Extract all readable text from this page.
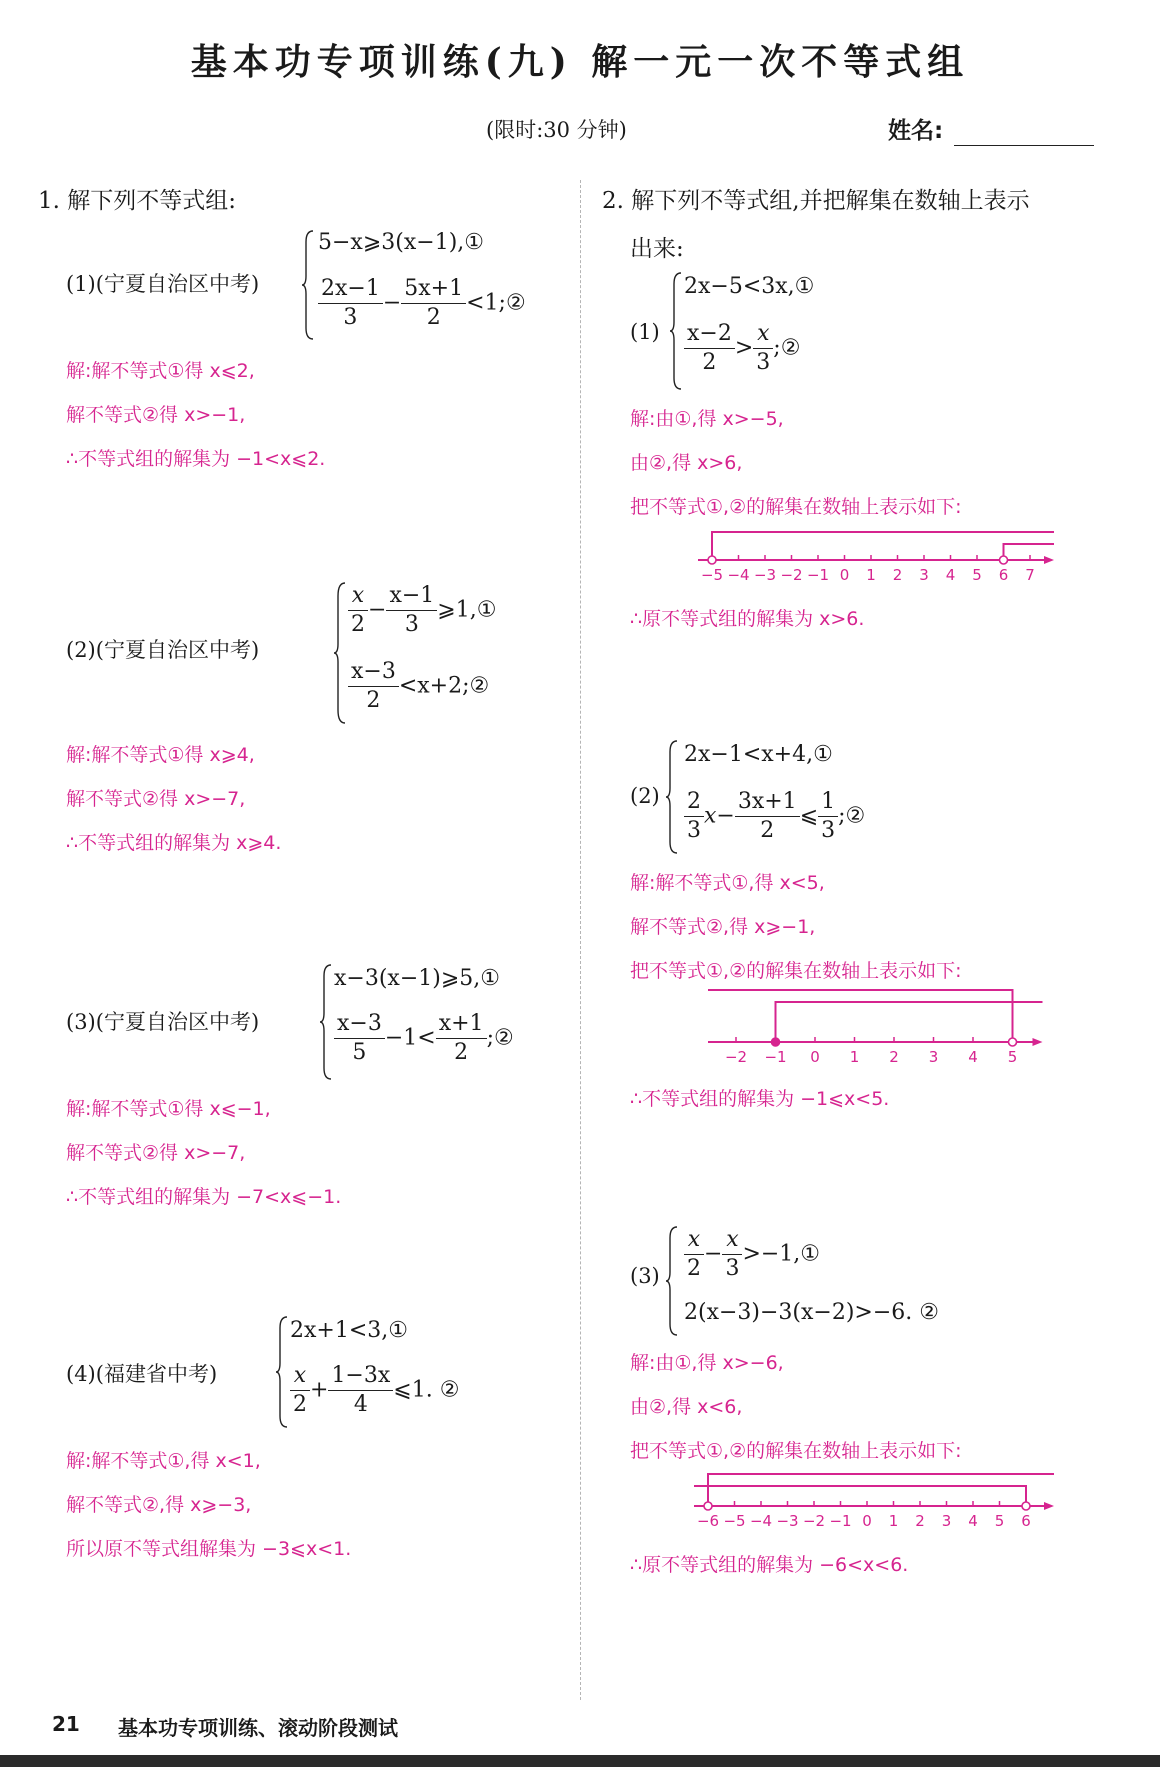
基本功专项训练(九) 解一元一次不等式组
(限时:30 分钟)	姓名:
1. 解下列不等式组:
(1)(宁夏自治区中考)
5−x⩾3(x−1),①
$\frac{2x-1}{3} - \frac{5x+1}{2}$ <1;②
解:解不等式①得 x⩽2,
解不等式②得 x>−1,
∴不等式组的解集为 −1<x⩽2.
(2)(宁夏自治区中考)
$\frac{x}{2} - \frac{x-1}{3}$ ⩾1,①
$\frac{x-3}{2}$ <x+2;②
解:解不等式①得 x⩾4,
解不等式②得 x>−7,
∴不等式组的解集为 x⩾4.
(3)(宁夏自治区中考)
x−3(x−1)⩾5,①
$\frac{x-3}{5} -1< \frac{x+1}{2}$ ;②
解:解不等式①得 x⩽−1,
解不等式②得 x>−7,
∴不等式组的解集为 −7<x⩽−1.
(4)(福建省中考)
2x+1<3,①
$\frac{x}{2} + \frac{1-3x}{4}$ ⩽1. ②
解:解不等式①,得 x<1,
解不等式②,得 x⩾−3,
所以原不等式组解集为 −3⩽x<1.
2. 解下列不等式组,并把解集在数轴上表示
出来:
(1)
2x−5<3x,①
$\frac{x-2}{2} > \frac{x}{3}$ ;②
解:由①,得 x>−5,
由②,得 x>6,
把不等式①,②的解集在数轴上表示如下:
−5 −4 −3 −2 −1 0 1 2 3 4 5 6 7
∴原不等式组的解集为 x>6.
(2)
2x−1<x+4,①
$\frac{2}{3} x- \frac{3x+1}{2}$ ⩽ $\frac{1}{3}$ ;②
解:解不等式①,得 x<5,
解不等式②,得 x⩾−1,
把不等式①,②的解集在数轴上表示如下:
−2 −1 0 1 2 3 4 5
∴不等式组的解集为 −1⩽x<5.
$(3) \frac{x}{2} - \frac{x}{3}$ >−1,①
2(x−3)−3(x−2)>−6. ②
解:由①,得 x>−6,
由②,得 x<6,
把不等式①,②的解集在数轴上表示如下:
−6 −5 −4 −3 −2 −1 0 1 2 3 4 5 6
∴原不等式组的解集为 −6<x<6.
21 基本功专项训练、滚动阶段测试
